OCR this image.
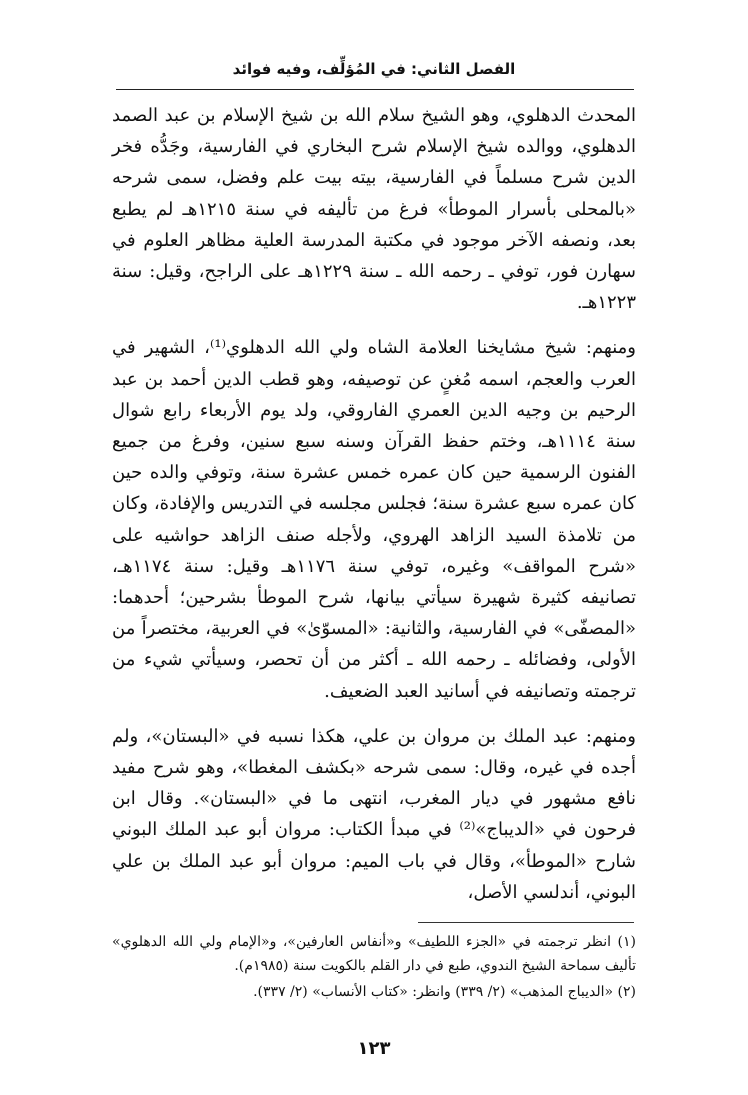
الفصل الثاني: في المُؤلِّف، وفيه فوائد

المحدث الدهلوي، وهو الشيخ سلام الله بن شيخ الإسلام بن عبد الصمد الدهلوي، ووالده شيخ الإسلام شرح البخاري في الفارسية، وجَدُّه فخر الدين شرح مسلماً في الفارسية، بيته بيت علم وفضل، سمى شرحه «بالمحلى بأسرار الموطأ» فرغ من تأليفه في سنة ١٢١٥هـ لم يطبع بعد، ونصفه الآخر موجود في مكتبة المدرسة العلية مظاهر العلوم في سهارن فور، توفي ـ رحمه الله ـ سنة ١٢٢٩هـ على الراجح، وقيل: سنة ١٢٢٣هـ.

ومنهم: شيخ مشايخنا العلامة الشاه ولي الله الدهلوي⁽¹⁾، الشهير في العرب والعجم، اسمه مُغنٍ عن توصيفه، وهو قطب الدين أحمد بن عبد الرحيم بن وجيه الدين العمري الفاروقي، ولد يوم الأربعاء رابع شوال سنة ١١١٤هـ، وختم حفظ القرآن وسنه سبع سنين، وفرغ من جميع الفنون الرسمية حين كان عمره خمس عشرة سنة، وتوفي والده حين كان عمره سبع عشرة سنة؛ فجلس مجلسه في التدريس والإفادة، وكان من تلامذة السيد الزاهد الهروي، ولأجله صنف الزاهد حواشيه على «شرح المواقف» وغيره، توفي سنة ١١٧٦هـ وقيل: سنة ١١٧٤هـ، تصانيفه كثيرة شهيرة سيأتي بيانها، شرح الموطأ بشرحين؛ أحدهما: «المصفّى» في الفارسية، والثانية: «المسوّىٰ» في العربية، مختصراً من الأولى، وفضائله ـ رحمه الله ـ أكثر من أن تحصر، وسيأتي شيء من ترجمته وتصانيفه في أسانيد العبد الضعيف.

ومنهم: عبد الملك بن مروان بن علي، هكذا نسبه في «البستان»، ولم أجده في غيره، وقال: سمى شرحه «بكشف المغطا»، وهو شرح مفيد نافع مشهور في ديار المغرب، انتهى ما في «البستان». وقال ابن فرحون في «الديباج»⁽²⁾ في مبدأ الكتاب: مروان أبو عبد الملك البوني شارح «الموطأ»، وقال في باب الميم: مروان أبو عبد الملك بن علي البوني، أندلسي الأصل،

(١) انظر ترجمته في «الجزء اللطيف» و«أنفاس العارفين»، و«الإمام ولي الله الدهلوي» تأليف سماحة الشيخ الندوي، طبع في دار القلم بالكويت سنة (١٩٨٥م).

(٢) «الديباج المذهب» (٢/ ٣٣٩) وانظر: «كتاب الأنساب» (٢/ ٣٣٧).

١٢٣
